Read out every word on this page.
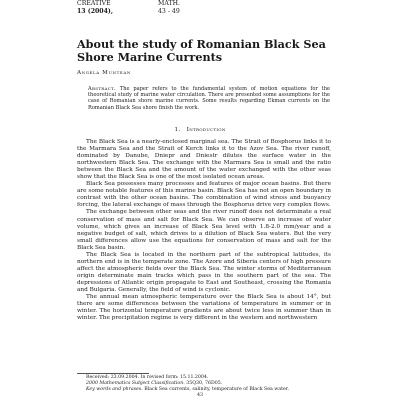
CREATIVE	MATH.
13 (2004),	43 - 49
About the study of Romanian Black Sea Shore Marine Currents
Angela Muntean
Abstract. The paper refers to the fundamental system of motion equations for the theoretical study of marine water circulation. There are presented some assumptions for the case of Romanian shore marine currents. Some results regarding Ekman currents on the Romanian Black Sea shore finish the work.
1. Introduction

The Black Sea is a nearly-enclosed marginal sea. The Strait of Bosphorus links it to the Marmara Sea and the Strait of Kerch links it to the Azov Sea. The river runoff, dominated by Danube, Dniepr and Dniestr dilutes the surface water in the northwestern Black Sea. The exchange with the Marmara Sea is small and the ratio between the Black Sea and the amount of the water exchanged with the other seas show that the Black Sea is one of the most isolated ocean areas.

Black Sea possesses many processes and features of major ocean basins. But there are some notable features of this marine basin. Black Sea has not an open boundary in contrast with the other ocean basins. The combination of wind stress and buoyancy forcing, the lateral exchange of mass through the Bosphorus drive very complex flows.

The exchange between other seas and the river runoff does not determinate a real conservation of mass and salt for Black Sea. We can observe an increase of water volume, which gives an increase of Black Sea level with 1.8-2.0 mm/year and a negative budget of salt, which drives to a dilution of Black Sea waters. But the very small differences allow use the equations for conservation of mass and salt for the Black Sea basin.

The Black Sea is located in the northern part of the subtropical latitudes, its northern end is in the temperate zone. The Azore and Siberia centers of high pressure affect the atmospheric fields over the Black Sea. The winter storms of Mediterranean origin determinate main tracks which pass in the southern part of the sea. The depressions of Atlantic origin propagate to East and Southeast, crossing the Romania and Bulgaria. Generally, the field of wind is cyclonic.

The annual mean atmospheric temperature over the Black Sea is about 14°, but there are some differences between the variations of temperature in summer or in winter. The horizontal temperature gradients are about twice less in summer than in winter. The precipitation regime is very different in the western and northwestern

Received: 23.09.2004. In revised form: 15.11.2004.
2000 Mathematics Subject Classification. 35Q30, 76D05.
Key words and phrases. Black Sea currents, salinity, temperature of Black Sea water.
43
